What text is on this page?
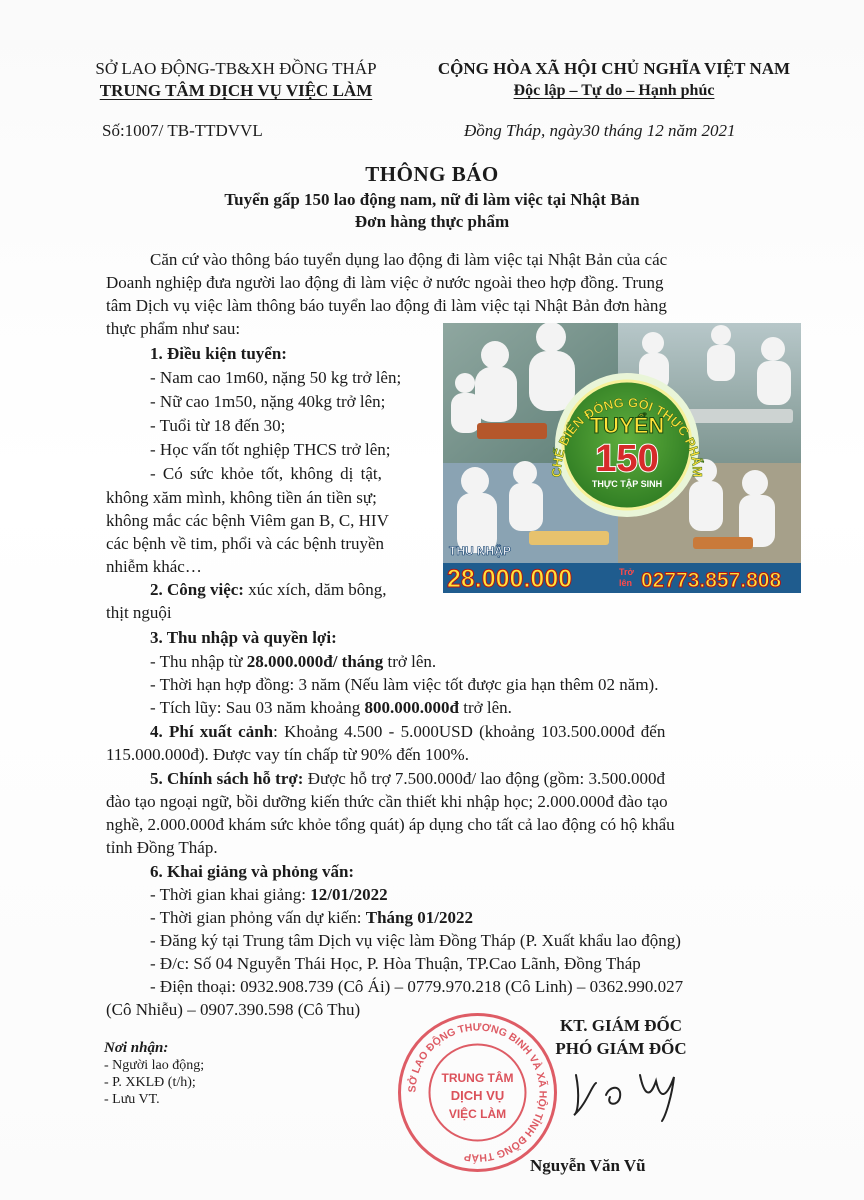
SỞ LAO ĐỘNG-TB&XH ĐỒNG THÁP
TRUNG TÂM DỊCH VỤ VIỆC LÀM
CỘNG HÒA XÃ HỘI CHỦ NGHĨA VIỆT NAM
Độc lập – Tự do – Hạnh phúc
Số:1007/ TB-TTDVVL	Đồng Tháp, ngày30 tháng 12 năm 2021
THÔNG BÁO
Tuyển gấp 150 lao động nam, nữ đi làm việc tại Nhật Bản
Đơn hàng thực phẩm
Căn cứ vào thông báo tuyển dụng lao động đi làm việc tại Nhật Bản của các
Doanh nghiệp đưa người lao động đi làm việc ở nước ngoài theo hợp đồng. Trung
tâm Dịch vụ việc làm thông báo tuyển lao động đi làm việc tại Nhật Bản đơn hàng
thực phẩm như sau:
1. Điều kiện tuyển:
- Nam cao 1m60, nặng 50 kg trở lên;
- Nữ cao 1m50, nặng 40kg trở lên;
- Tuổi từ 18 đến 30;
- Học vấn tốt nghiệp THCS trở lên;
- Có sức khỏe tốt, không dị tật,
không xăm mình, không tiền án tiền sự;
không mắc các bệnh Viêm gan B, C, HIV
các bệnh về tim, phổi và các bệnh truyền
nhiễm khác…
2. Công việc: xúc xích, dăm bông,
thịt nguội
3. Thu nhập và quyền lợi:
- Thu nhập từ 28.000.000đ/ tháng trở lên.
- Thời hạn hợp đồng: 3 năm (Nếu làm việc tốt được gia hạn thêm 02 năm).
- Tích lũy: Sau 03 năm khoảng 800.000.000đ trở lên.
4. Phí xuất cảnh: Khoảng 4.500 - 5.000USD (khoảng 103.500.000đ đến
115.000.000đ). Được vay tín chấp từ 90% đến 100%.
5. Chính sách hỗ trợ: Được hỗ trợ 7.500.000đ/ lao động (gồm: 3.500.000đ
đào tạo ngoại ngữ, bồi dưỡng kiến thức cần thiết khi nhập học; 2.000.000đ đào tạo
nghề, 2.000.000đ khám sức khỏe tổng quát) áp dụng cho tất cả lao động có hộ khẩu
tỉnh Đồng Tháp.
6. Khai giảng và phỏng vấn:
- Thời gian khai giảng: 12/01/2022
- Thời gian phỏng vấn dự kiến: Tháng 01/2022
- Đăng ký tại Trung tâm Dịch vụ việc làm Đồng Tháp (P. Xuất khẩu lao động)
- Đ/c: Số 04 Nguyễn Thái Học, P. Hòa Thuận, TP.Cao Lãnh, Đồng Tháp
- Điện thoại: 0932.908.739 (Cô Ái) – 0779.970.218 (Cô Linh) – 0362.990.027
(Cô Nhiễu) – 0907.390.598 (Cô Thu)
CHẾ BIẾN ĐÓNG GÓI THỰC PHẨM
TUYỂN
150
THỰC TẬP SINH
THU NHẬP
28.000.000	Trở
lên 02773.857.808
Nơi nhận:
- Người lao động;
- P. XKLĐ (t/h);
- Lưu VT.
SỞ LAO ĐỘNG THƯƠNG BINH VÀ XÃ HỘI TỈNH ĐỒNG THÁP
TRUNG TÂM
DỊCH VỤ
VIỆC LÀM
KT. GIÁM ĐỐC
PHÓ GIÁM ĐỐC
Nguyễn Văn Vũ
